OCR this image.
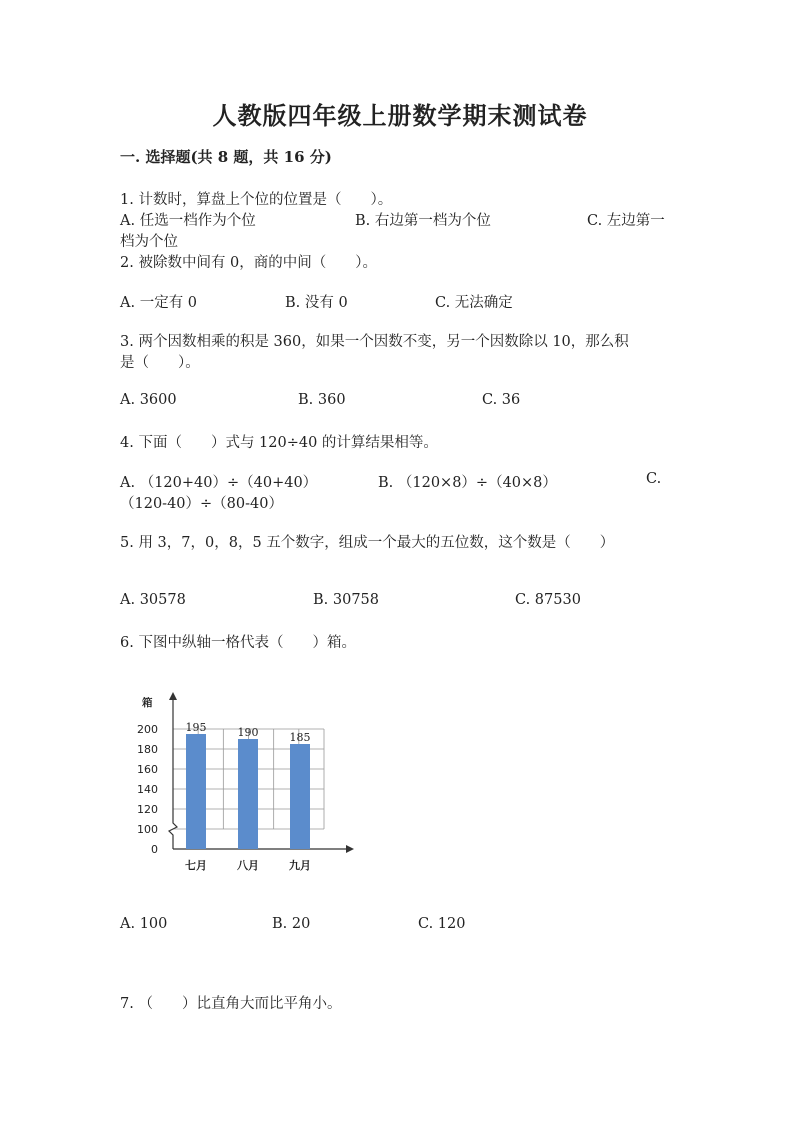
人教版四年级上册数学期末测试卷
一. 选择题(共 8 题，共 16 分)
1. 计数时，算盘上个位的位置是（　　）。
A. 任选一档作为个位	B. 右边第一档为个位	C. 左边第一
档为个位
2. 被除数中间有 0，商的中间（　　）。
A. 一定有 0	B. 没有 0	C. 无法确定
3. 两个因数相乘的积是 360，如果一个因数不变，另一个因数除以 10，那么积
是（　　）。
A. 3600	B. 360	C. 36
4. 下面（　　）式与 120÷40 的计算结果相等。
A. （120+40）÷（40+40）	B. （120×8）÷（40×8）	C.
（120-40）÷（80-40）
5. 用 3，7，0，8，5 五个数字，组成一个最大的五位数，这个数是（　　）
A. 30578	B. 30758	C. 87530
6. 下图中纵轴一格代表（　　）箱。
0
100
120
140
160
180
200
箱
195
七月
190
八月
185
九月
A. 100	B. 20	C. 120
7. （　　）比直角大而比平角小。
